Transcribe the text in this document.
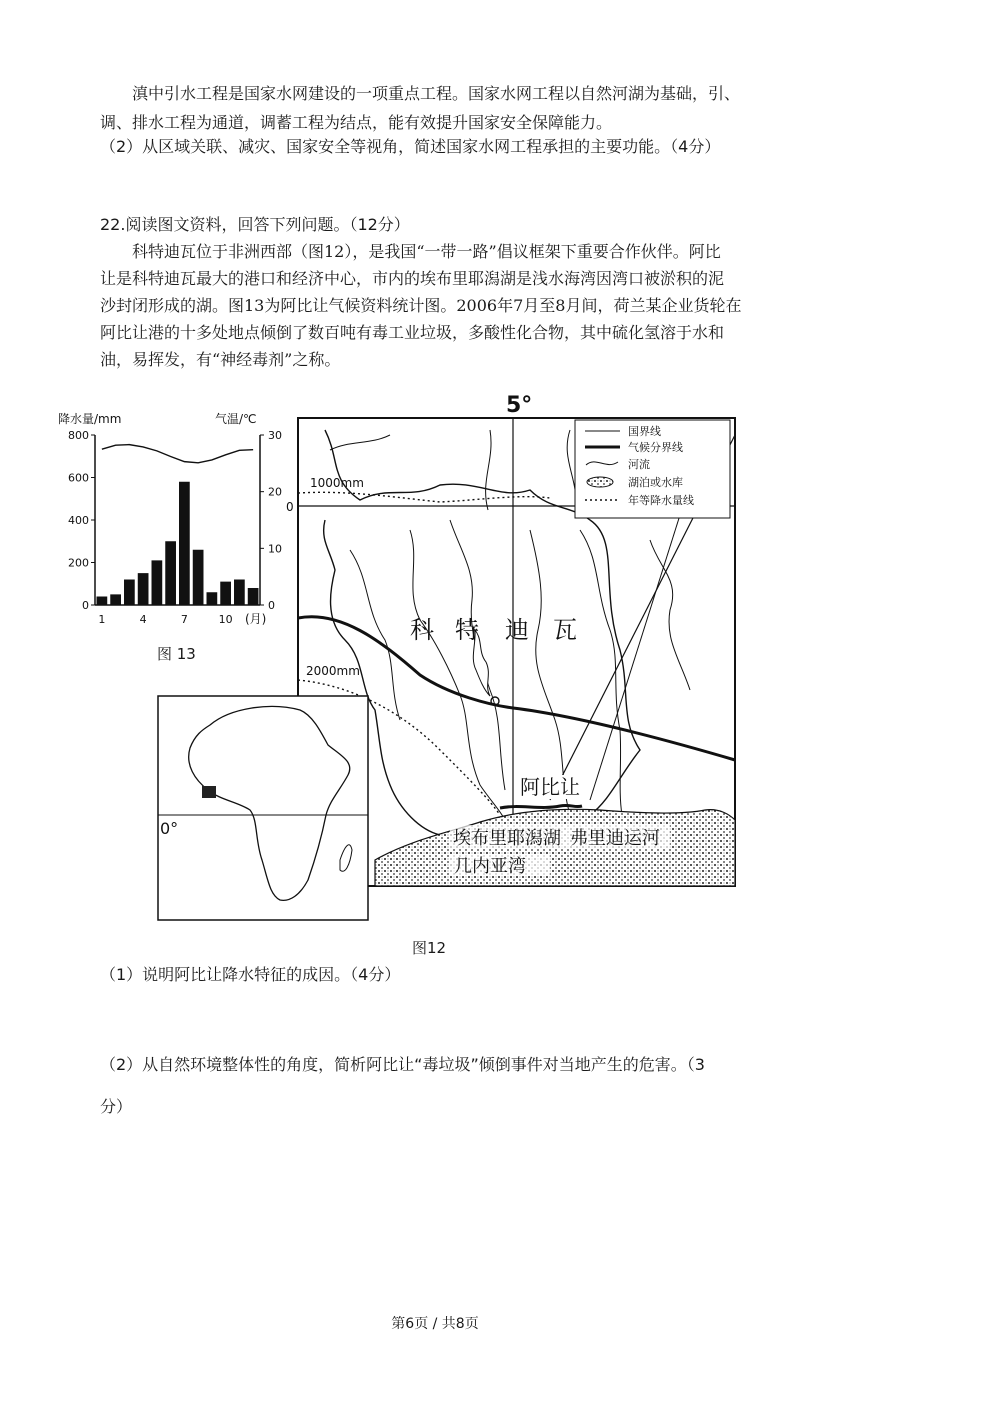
滇中引水工程是国家水网建设的一项重点工程。国家水网工程以自然河湖为基础，引、
调、排水工程为通道，调蓄工程为结点，能有效提升国家安全保障能力。
（2）从区域关联、减灾、国家安全等视角，简述国家水网工程承担的主要功能。（4分）
22.阅读图文资料，回答下列问题。（12分）
科特迪瓦位于非洲西部（图12），是我国“一带一路”倡议框架下重要合作伙伴。阿比
让是科特迪瓦最大的港口和经济中心，市内的埃布里耶潟湖是浅水海湾因湾口被淤积的泥
沙封闭形成的湖。图13为阿比让气候资料统计图。2006年7月至8月间，荷兰某企业货轮在
阿比让港的十多处地点倾倒了数百吨有毒工业垃圾，多酸性化合物，其中硫化氢溶于水和
油，易挥发，有“神经毒剂”之称。
降水量/mm	气温/℃
0
200
400
600
800
0
10
20
30
1	4	7	10 (月)
图 13
5°
0
1000mm
2000mm
国界线
气候分界线
河流
湖泊或水库
年等降水量线
科 特 迪 瓦
阿比让
埃布里耶潟湖 弗里迪运河
几内亚湾
0°
图12
（1）说明阿比让降水特征的成因。（4分）
（2）从自然环境整体性的角度，简析阿比让“毒垃圾”倾倒事件对当地产生的危害。（3
分）
第6页 / 共8页
